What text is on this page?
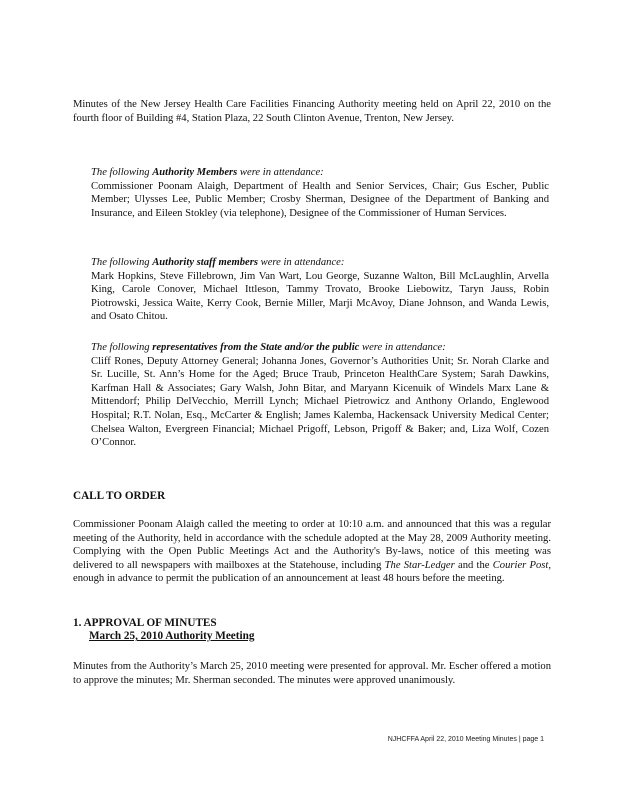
Minutes of the New Jersey Health Care Facilities Financing Authority meeting held on April 22, 2010 on the fourth floor of Building #4, Station Plaza, 22 South Clinton Avenue, Trenton, New Jersey.
The following Authority Members were in attendance:
Commissioner Poonam Alaigh, Department of Health and Senior Services, Chair; Gus Escher, Public Member; Ulysses Lee, Public Member; Crosby Sherman, Designee of the Department of Banking and Insurance, and Eileen Stokley (via telephone), Designee of the Commissioner of Human Services.
The following Authority staff members were in attendance:
Mark Hopkins, Steve Fillebrown, Jim Van Wart, Lou George, Suzanne Walton, Bill McLaughlin, Arvella King, Carole Conover, Michael Ittleson, Tammy Trovato, Brooke Liebowitz, Taryn Jauss, Robin Piotrowski, Jessica Waite, Kerry Cook, Bernie Miller, Marji McAvoy, Diane Johnson, and Wanda Lewis, and Osato Chitou.
The following representatives from the State and/or the public were in attendance:
Cliff Rones, Deputy Attorney General; Johanna Jones, Governor’s Authorities Unit; Sr. Norah Clarke and Sr. Lucille, St. Ann’s Home for the Aged; Bruce Traub, Princeton HealthCare System; Sarah Dawkins, Karfman Hall & Associates; Gary Walsh, John Bitar, and Maryann Kicenuik of Windels Marx Lane & Mittendorf; Philip DelVecchio, Merrill Lynch; Michael Pietrowicz and Anthony Orlando, Englewood Hospital; R.T. Nolan, Esq., McCarter & English; James Kalemba, Hackensack University Medical Center; Chelsea Walton, Evergreen Financial; Michael Prigoff, Lebson, Prigoff & Baker; and, Liza Wolf, Cozen O’Connor.
CALL TO ORDER
Commissioner Poonam Alaigh called the meeting to order at 10:10 a.m. and announced that this was a regular meeting of the Authority, held in accordance with the schedule adopted at the May 28, 2009 Authority meeting. Complying with the Open Public Meetings Act and the Authority's By-laws, notice of this meeting was delivered to all newspapers with mailboxes at the Statehouse, including The Star-Ledger and the Courier Post, enough in advance to permit the publication of an announcement at least 48 hours before the meeting.
1. APPROVAL OF MINUTES
March 25, 2010 Authority Meeting
Minutes from the Authority’s March 25, 2010 meeting were presented for approval. Mr. Escher offered a motion to approve the minutes; Mr. Sherman seconded. The minutes were approved unanimously.
NJHCFFA April 22, 2010 Meeting Minutes | page 1
